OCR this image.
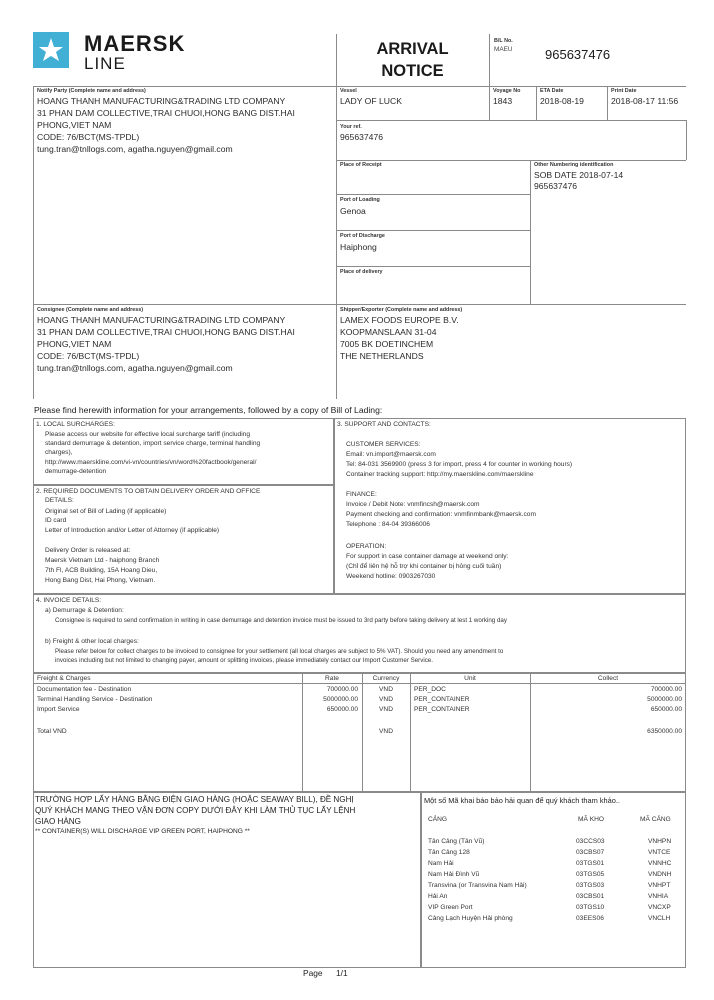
MAERSK
LINE
ARRIVAL
NOTICE
B/L No.
MAEU	965637476
Notify Party (Complete name and address)
HOANG THANH MANUFACTURING&TRADING LTD COMPANY
31 PHAN DAM COLLECTIVE,TRAI CHUOI,HONG BANG DIST.HAI
PHONG,VIET NAM
CODE: 76/BCT(MS-TPDL)
tung.tran@tnllogs.com, agatha.nguyen@gmail.com
Vessel
LADY OF LUCK
Voyage No
1843
ETA Date
2018-08-19
Print Date
2018-08-17 11:56
Your ref.
965637476
Place of Receipt	Other Numbering identification
SOB DATE 2018-07-14
965637476
Port of Loading
Genoa
Port of Discharge
Haiphong
Place of delivery
Consignee (Complete name and address)
HOANG THANH MANUFACTURING&TRADING LTD COMPANY
31 PHAN DAM COLLECTIVE,TRAI CHUOI,HONG BANG DIST.HAI
PHONG,VIET NAM
CODE: 76/BCT(MS-TPDL)
tung.tran@tnllogs.com, agatha.nguyen@gmail.com
Shipper/Exporter (Complete name and address)
LAMEX FOODS EUROPE B.V.
KOOPMANSLAAN 31-04
7005 BK DOETINCHEM
THE NETHERLANDS
Please find herewith information for your arrangements, followed by a copy of Bill of Lading:
1. LOCAL SURCHARGES:
Please access our website for effective local surcharge tariff (including
standard demurrage & detention, import service charge, terminal handling
charges),
http://www.maerskline.com/vi-vn/countries/vn/word%20factbook/general/
demurrage-detention
2. REQUIRED DOCUMENTS TO OBTAIN DELIVERY ORDER AND OFFICE
DETAILS:
Original set of Bill of Lading (if applicable)
ID card
Letter of Introduction and/or Letter of Attorney (if applicable)
Delivery Order is released at:
Maersk Vietnam Ltd - haiphong Branch
7th Fl, ACB Building, 15A Hoang Dieu,
Hong Bang Dist, Hai Phong, Vietnam.
3. SUPPORT AND CONTACTS:
CUSTOMER SERVICES:
Email: vn.import@maersk.com
Tel: 84-031 3569900 (press 3 for import, press 4 for counter in working hours)
Container tracking support: http://my.maerskline.com/maerskline
FINANCE:
Invoice / Debit Note: vnmfincsh@maersk.com
Payment checking and confirmation: vnmfinmbank@maersk.com
Telephone : 84-04 39366006
OPERATION:
For support in case container damage at weekend only:
(Chỉ để liên hệ hỗ trợ khi container bị hỏng cuối tuần)
Weekend hotline: 0903267030
4. INVOICE DETAILS:
a) Demurrage & Detention:
Consignee is required to send confirmation in writing in case demurrage and detention invoice must be issued to 3rd party before taking delivery at lest 1 working day
b) Freight & other local charges:
Please refer below for collect charges to be invoiced to consignee for your settlement (all local charges are subject to 5% VAT). Should you need any amendment to
invoices including but not limited to changing payer, amount or splitting invoices, please immediately contact our Import Customer Service.
Freight & Charges	Rate	Currency	Unit	Collect
Documentation fee - Destination	700000.00	VND	PER_DOC	700000.00
Terminal Handling Service - Destination	5000000.00	VND	PER_CONTAINER	5000000.00
Import Service	650000.00	VND	PER_CONTAINER	650000.00
Total VND	VND	6350000.00
TRƯỜNG HỢP LẤY HÀNG BẰNG ĐIỆN GIAO HÀNG (HOẶC SEAWAY BILL), ĐỀ NGHỊ
QUÝ KHÁCH MANG THEO VẬN ĐƠN COPY DƯỚI ĐÂY KHI LÀM THỦ TỤC LẤY LỆNH
GIAO HÀNG
** CONTAINER(S) WILL DISCHARGE VIP GREEN PORT, HAIPHONG **
Một số Mã khai báo bảo hải quan để quý khách tham khảo..
CẢNG	MÃ KHO	MÃ CẢNG
Tân Cảng (Tân Vũ)	03CCS03	VNHPN
Tân Cảng 128	03CBS07	VNTCE
Nam Hải	03TGS01	VNNHC
Nam Hải Đình Vũ	03TGS05	VNDNH
Transvina (or Transvina Nam Hải)	03TGS03	VNHPT
Hải An	03CBS01	VNHIA
VIP Green Port	03TGS10	VNCXP
Cảng Lạch Huyện Hải phòng	03EES06	VNCLH
Page 1/1
